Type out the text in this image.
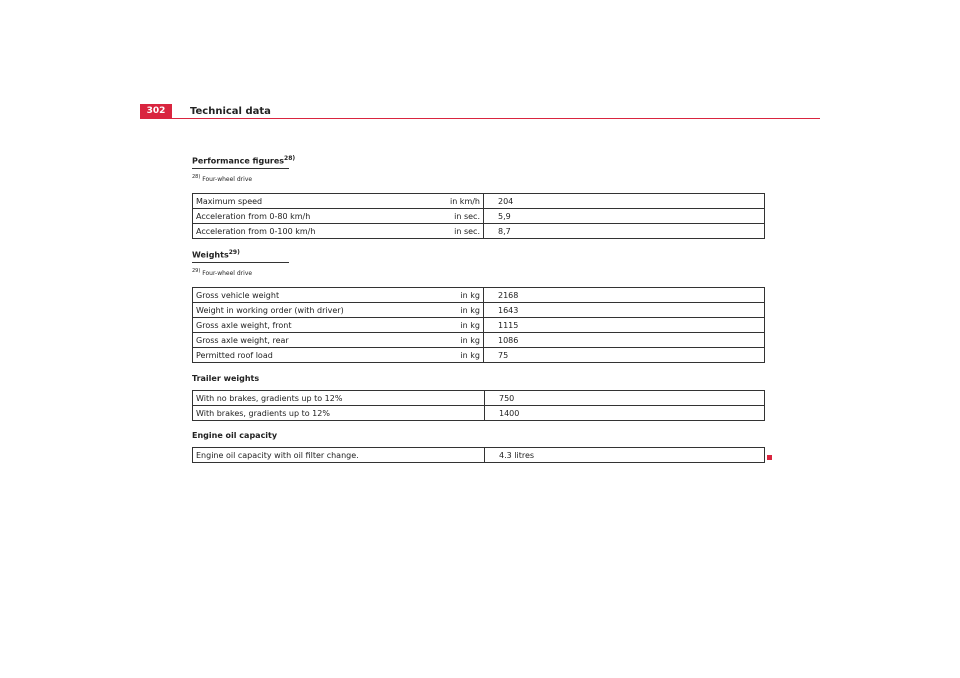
302	Technical data
Performance figures$^{28)}$
$^{28)}$ Four-wheel drive
Maximum speed	in km/h	204
Acceleration from 0-80 km/h	in sec.	5,9
Acceleration from 0-100 km/h	in sec.	8,7
Weights$^{29)}$
$^{29)}$ Four-wheel drive
Gross vehicle weight	in kg	2168
Weight in working order (with driver)	in kg	1643
Gross axle weight, front	in kg	1115
Gross axle weight, rear	in kg	1086
Permitted roof load	in kg	75
Trailer weights
With no brakes, gradients up to 12%	750
With brakes, gradients up to 12%	1400
Engine oil capacity
Engine oil capacity with oil filter change.	4.3 litres
